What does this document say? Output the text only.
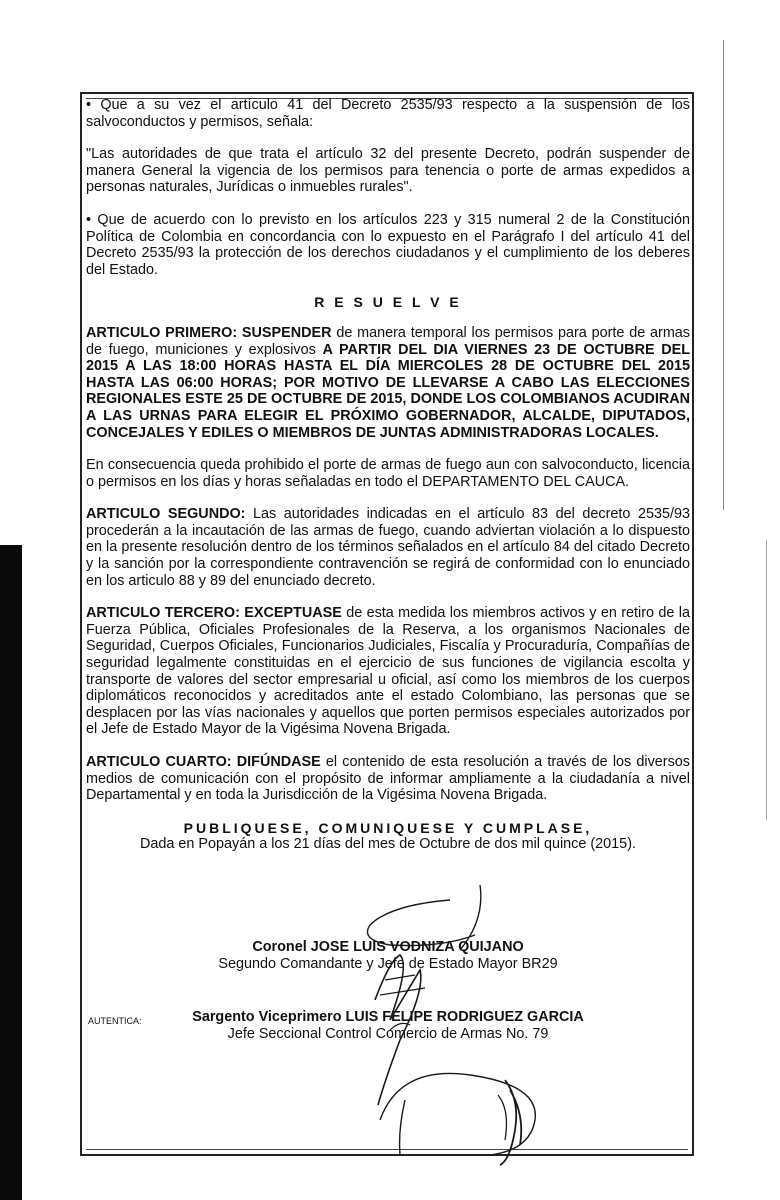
• Que a su vez el artículo 41 del Decreto 2535/93 respecto a la suspensión de los salvoconductos y permisos, señala:

"Las autoridades de que trata el artículo 32 del presente Decreto, podrán suspender de manera General la vigencia de los permisos para tenencia o porte de armas expedidos a personas naturales, Jurídicas o inmuebles rurales".

• Que de acuerdo con lo previsto en los artículos 223 y 315 numeral 2 de la Constitución Política de Colombia en concordancia con lo expuesto en el Parágrafo I del artículo 41 del Decreto 2535/93 la protección de los derechos ciudadanos y el cumplimiento de los deberes del Estado.

R E S U E L V E

ARTICULO PRIMERO: SUSPENDER de manera temporal los permisos para porte de armas de fuego, municiones y explosivos A PARTIR DEL DIA VIERNES 23 DE OCTUBRE DEL 2015 A LAS 18:00 HORAS HASTA EL DÍA MIERCOLES 28 DE OCTUBRE DEL 2015 HASTA LAS 06:00 HORAS; POR MOTIVO DE LLEVARSE A CABO LAS ELECCIONES REGIONALES ESTE 25 DE OCTUBRE DE 2015, DONDE LOS COLOMBIANOS ACUDIRAN A LAS URNAS PARA ELEGIR EL PRÓXIMO GOBERNADOR, ALCALDE, DIPUTADOS, CONCEJALES Y EDILES O MIEMBROS DE JUNTAS ADMINISTRADORAS LOCALES.

En consecuencia queda prohibido el porte de armas de fuego aun con salvoconducto, licencia o permisos en los días y horas señaladas en todo el DEPARTAMENTO DEL CAUCA.

ARTICULO SEGUNDO: Las autoridades indicadas en el artículo 83 del decreto 2535/93 procederán a la incautación de las armas de fuego, cuando adviertan violación a lo dispuesto en la presente resolución dentro de los términos señalados en el artículo 84 del citado Decreto y la sanción por la correspondiente contravención se regirá de conformidad con lo enunciado en los articulo 88 y 89 del enunciado decreto.

ARTICULO TERCERO: EXCEPTUASE de esta medida los miembros activos y en retiro de la Fuerza Pública, Oficiales Profesionales de la Reserva, a los organismos Nacionales de Seguridad, Cuerpos Oficiales, Funcionarios Judiciales, Fiscalía y Procuraduría, Compañías de seguridad legalmente constituidas en el ejercicio de sus funciones de vigilancia escolta y transporte de valores del sector empresarial u oficial, así como los miembros de los cuerpos diplomáticos reconocidos y acreditados ante el estado Colombiano, las personas que se desplacen por las vías nacionales y aquellos que porten permisos especiales autorizados por el Jefe de Estado Mayor de la Vigésima Novena Brigada.

ARTICULO CUARTO: DIFÚNDASE el contenido de esta resolución a través de los diversos medios de comunicación con el propósito de informar ampliamente a la ciudadanía a nivel Departamental y en toda la Jurisdicción de la Vigésima Novena Brigada.

PUBLIQUESE, COMUNIQUESE Y CUMPLASE,
Dada en Popayán a los 21 días del mes de Octubre de dos mil quince (2015).
Coronel JOSE LUIS VODNIZA QUIJANO
Segundo Comandante y Jefe de Estado Mayor BR29
AUTENTICA:	Sargento Viceprimero LUIS FELIPE RODRIGUEZ GARCIA
Jefe Seccional Control Comercio de Armas No. 79
